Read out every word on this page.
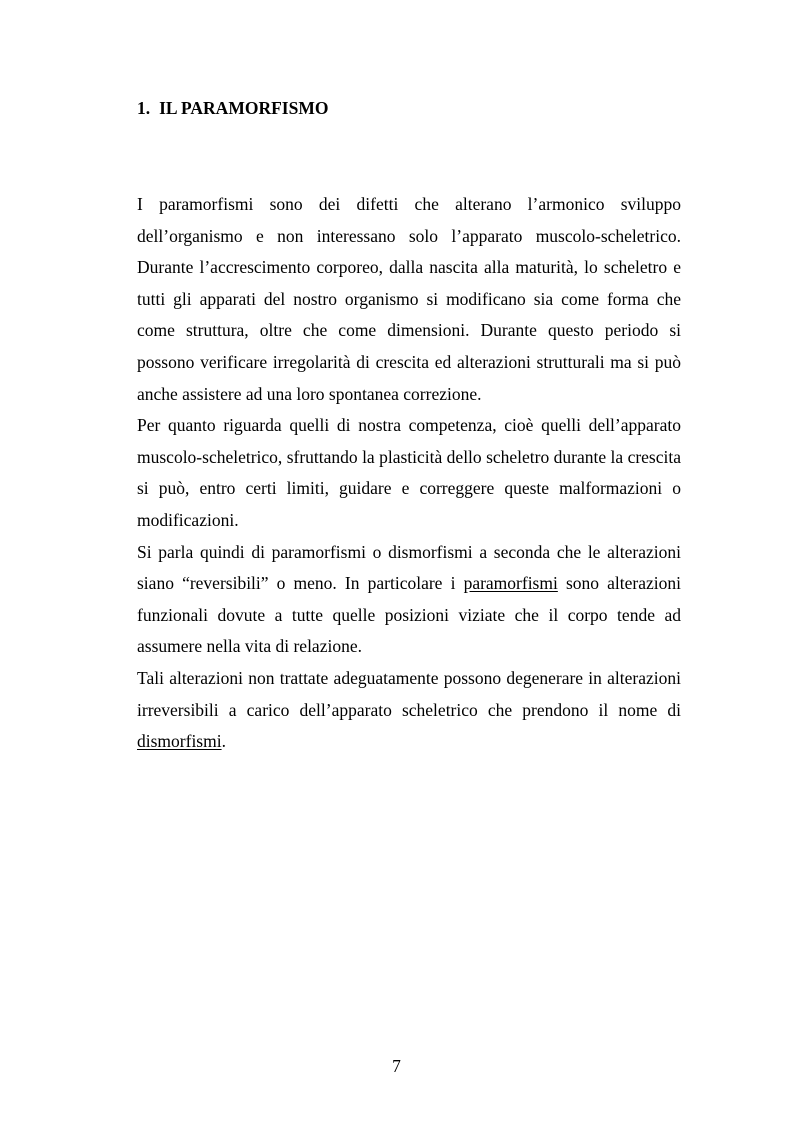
1. IL PARAMORFISMO

I paramorfismi sono dei difetti che alterano l’armonico sviluppo dell’organismo e non interessano solo l’apparato muscolo-scheletrico. Durante l’accrescimento corporeo, dalla nascita alla maturità, lo scheletro e tutti gli apparati del nostro organismo si modificano sia come forma che come struttura, oltre che come dimensioni. Durante questo periodo si possono verificare irregolarità di crescita ed alterazioni strutturali ma si può anche assistere ad una loro spontanea correzione.

Per quanto riguarda quelli di nostra competenza, cioè quelli dell’apparato muscolo-scheletrico, sfruttando la plasticità dello scheletro durante la crescita si può, entro certi limiti, guidare e correggere queste malformazioni o modificazioni.

Si parla quindi di paramorfismi o dismorfismi a seconda che le alterazioni siano “reversibili” o meno. In particolare i paramorfismi sono alterazioni funzionali dovute a tutte quelle posizioni viziate che il corpo tende ad assumere nella vita di relazione.

Tali alterazioni non trattate adeguatamente possono degenerare in alterazioni irreversibili a carico dell’apparato scheletrico che prendono il nome di dismorfismi.

7
